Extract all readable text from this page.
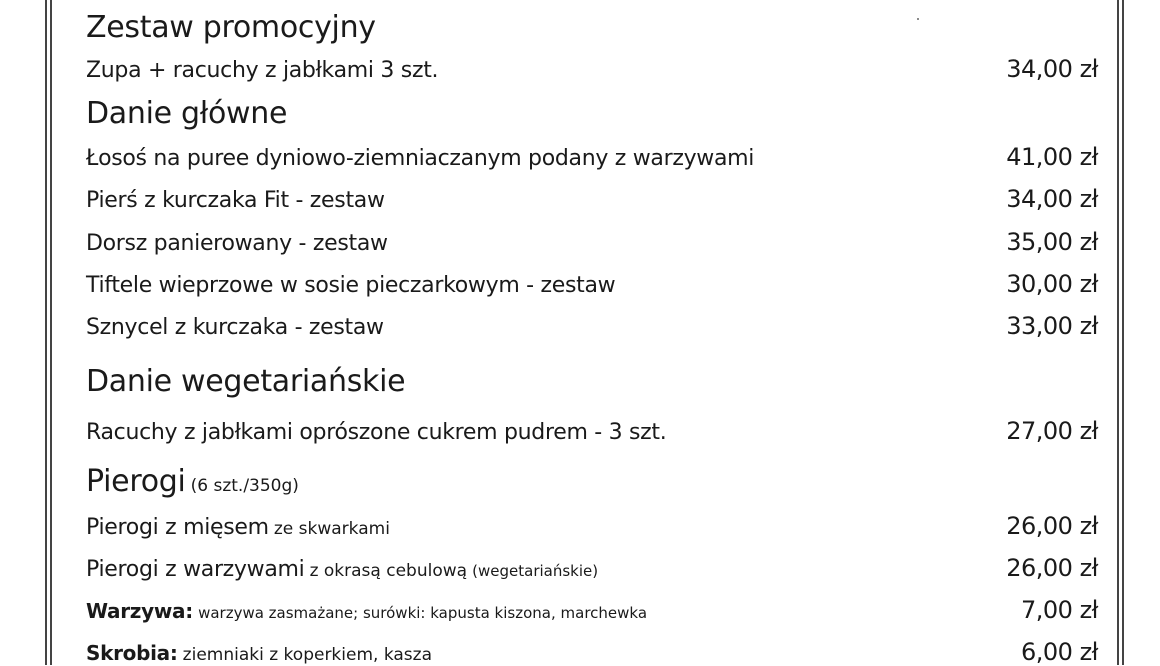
Zestaw promocyjny
Zupa + racuchy z jabłkami 3 szt.	34,00 zł
Danie główne
Łosoś na puree dyniowo-ziemniaczanym podany z warzywami	41,00 zł
Pierś z kurczaka Fit - zestaw	34,00 zł
Dorsz panierowany - zestaw	35,00 zł
Tiftele wieprzowe w sosie pieczarkowym - zestaw	30,00 zł
Sznycel z kurczaka - zestaw	33,00 zł
Danie wegetariańskie
Racuchy z jabłkami oprószone cukrem pudrem - 3 szt.	27,00 zł
Pierogi
(6 szt./350g)
Pierogi z mięsem ze skwarkami	26,00 zł
Pierogi z warzywami z okrasą cebulową (wegetariańskie)	26,00 zł
Warzywa: warzywa zasmażane; surówki: kapusta kiszona, marchewka	7,00 zł
Skrobia: ziemniaki z koperkiem, kasza	6,00 zł
